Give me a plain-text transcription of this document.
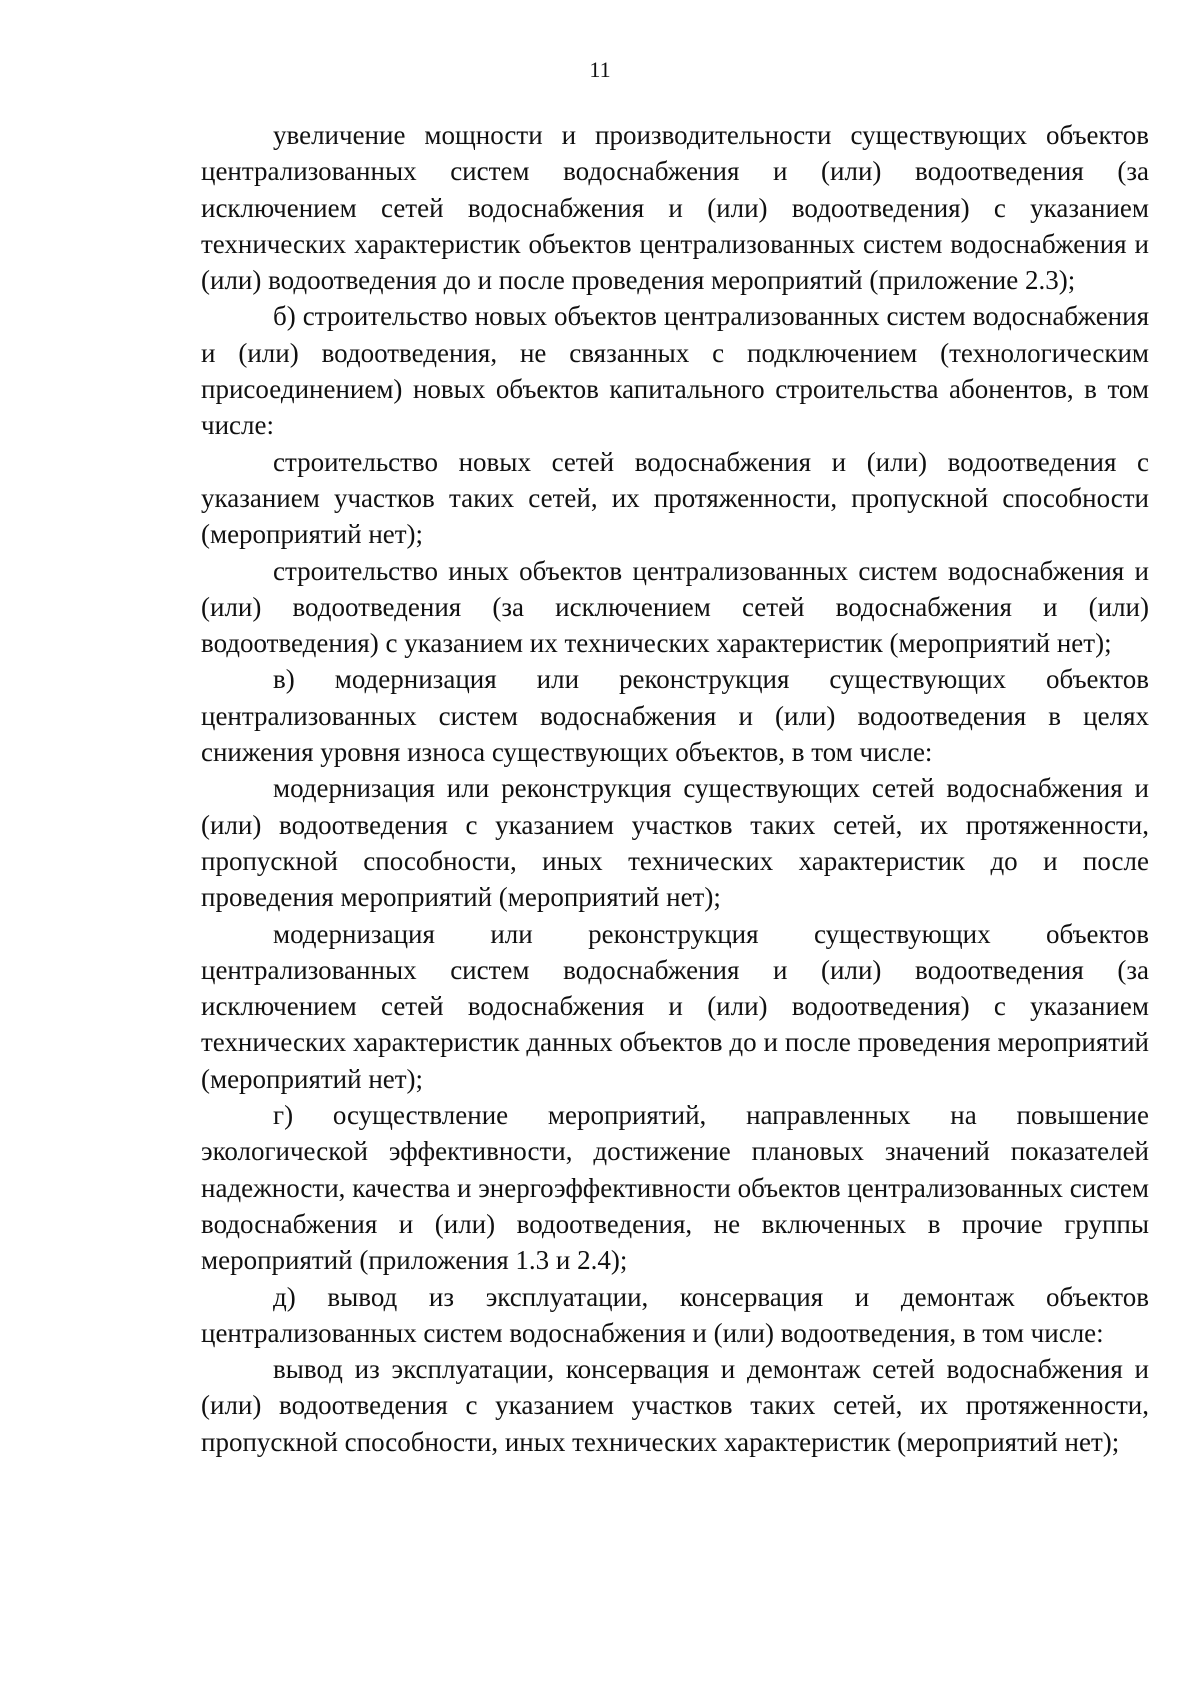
11

увеличение мощности и производительности существующих объектов централизованных систем водоснабжения и (или) водоотведения (за исключением сетей водоснабжения и (или) водоотведения) с указанием технических характеристик объектов централизованных систем водоснабжения и (или) водоотведения до и после проведения мероприятий (приложение 2.3);

б) строительство новых объектов централизованных систем водоснабжения и (или) водоотведения, не связанных с подключением (технологическим присоединением) новых объектов капитального строительства абонентов, в том числе:

строительство новых сетей водоснабжения и (или) водоотведения с указанием участков таких сетей, их протяженности, пропускной способности (мероприятий нет);

строительство иных объектов централизованных систем водоснабжения и (или) водоотведения (за исключением сетей водоснабжения и (или) водоотведения) с указанием их технических характеристик (мероприятий нет);

в) модернизация или реконструкция существующих объектов централизованных систем водоснабжения и (или) водоотведения в целях снижения уровня износа существующих объектов, в том числе:

модернизация или реконструкция существующих сетей водоснабжения и (или) водоотведения с указанием участков таких сетей, их протяженности, пропускной способности, иных технических характеристик до и после проведения мероприятий (мероприятий нет);

модернизация или реконструкция существующих объектов централизованных систем водоснабжения и (или) водоотведения (за исключением сетей водоснабжения и (или) водоотведения) с указанием технических характеристик данных объектов до и после проведения мероприятий (мероприятий нет);

г) осуществление мероприятий, направленных на повышение экологической эффективности, достижение плановых значений показателей надежности, качества и энергоэффективности объектов централизованных систем водоснабжения и (или) водоотведения, не включенных в прочие группы мероприятий (приложения 1.3 и 2.4);

д) вывод из эксплуатации, консервация и демонтаж объектов централизованных систем водоснабжения и (или) водоотведения, в том числе:

вывод из эксплуатации, консервация и демонтаж сетей водоснабжения и (или) водоотведения с указанием участков таких сетей, их протяженности, пропускной способности, иных технических характеристик (мероприятий нет);
